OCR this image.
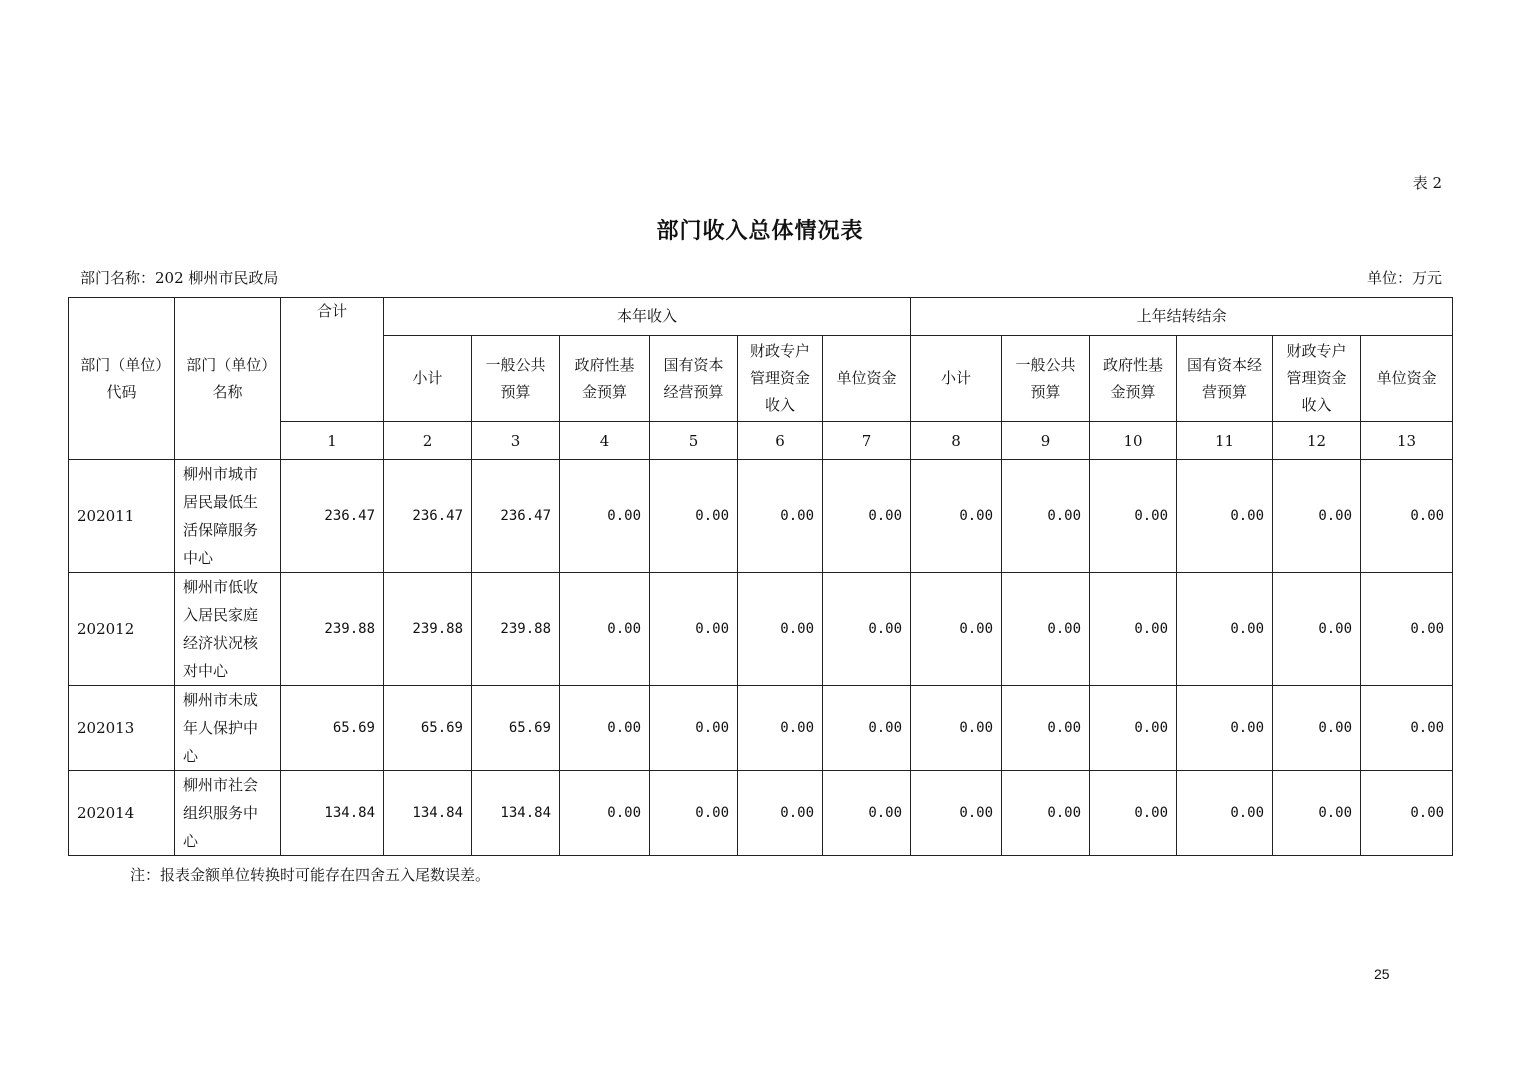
表 2
部门收入总体情况表
部门名称：202 柳州市民政局	单位：万元
部门（单位）代码	部门（单位）名称	合计	本年收入						上年结转结余					
			小计	一般公共预算	政府性基金预算	国有资本经营预算	财政专户管理资金收入	单位资金	小计	一般公共预算	政府性基金预算	国有资本经营预算	财政专户管理资金收入	单位资金
		1	2	3	4	5	6	7	8	9	10	11	12	13
202011	柳州市城市居民最低生活保障服务中心	236.47	236.47	236.47	0.00	0.00	0.00	0.00	0.00	0.00	0.00	0.00	0.00	0.00
202012	柳州市低收入居民家庭经济状况核对中心	239.88	239.88	239.88	0.00	0.00	0.00	0.00	0.00	0.00	0.00	0.00	0.00	0.00
202013	柳州市未成年人保护中心	65.69	65.69	65.69	0.00	0.00	0.00	0.00	0.00	0.00	0.00	0.00	0.00	0.00
202014	柳州市社会组织服务中心	134.84	134.84	134.84	0.00	0.00	0.00	0.00	0.00	0.00	0.00	0.00	0.00	0.00
注：报表金额单位转换时可能存在四舍五入尾数误差。
25
